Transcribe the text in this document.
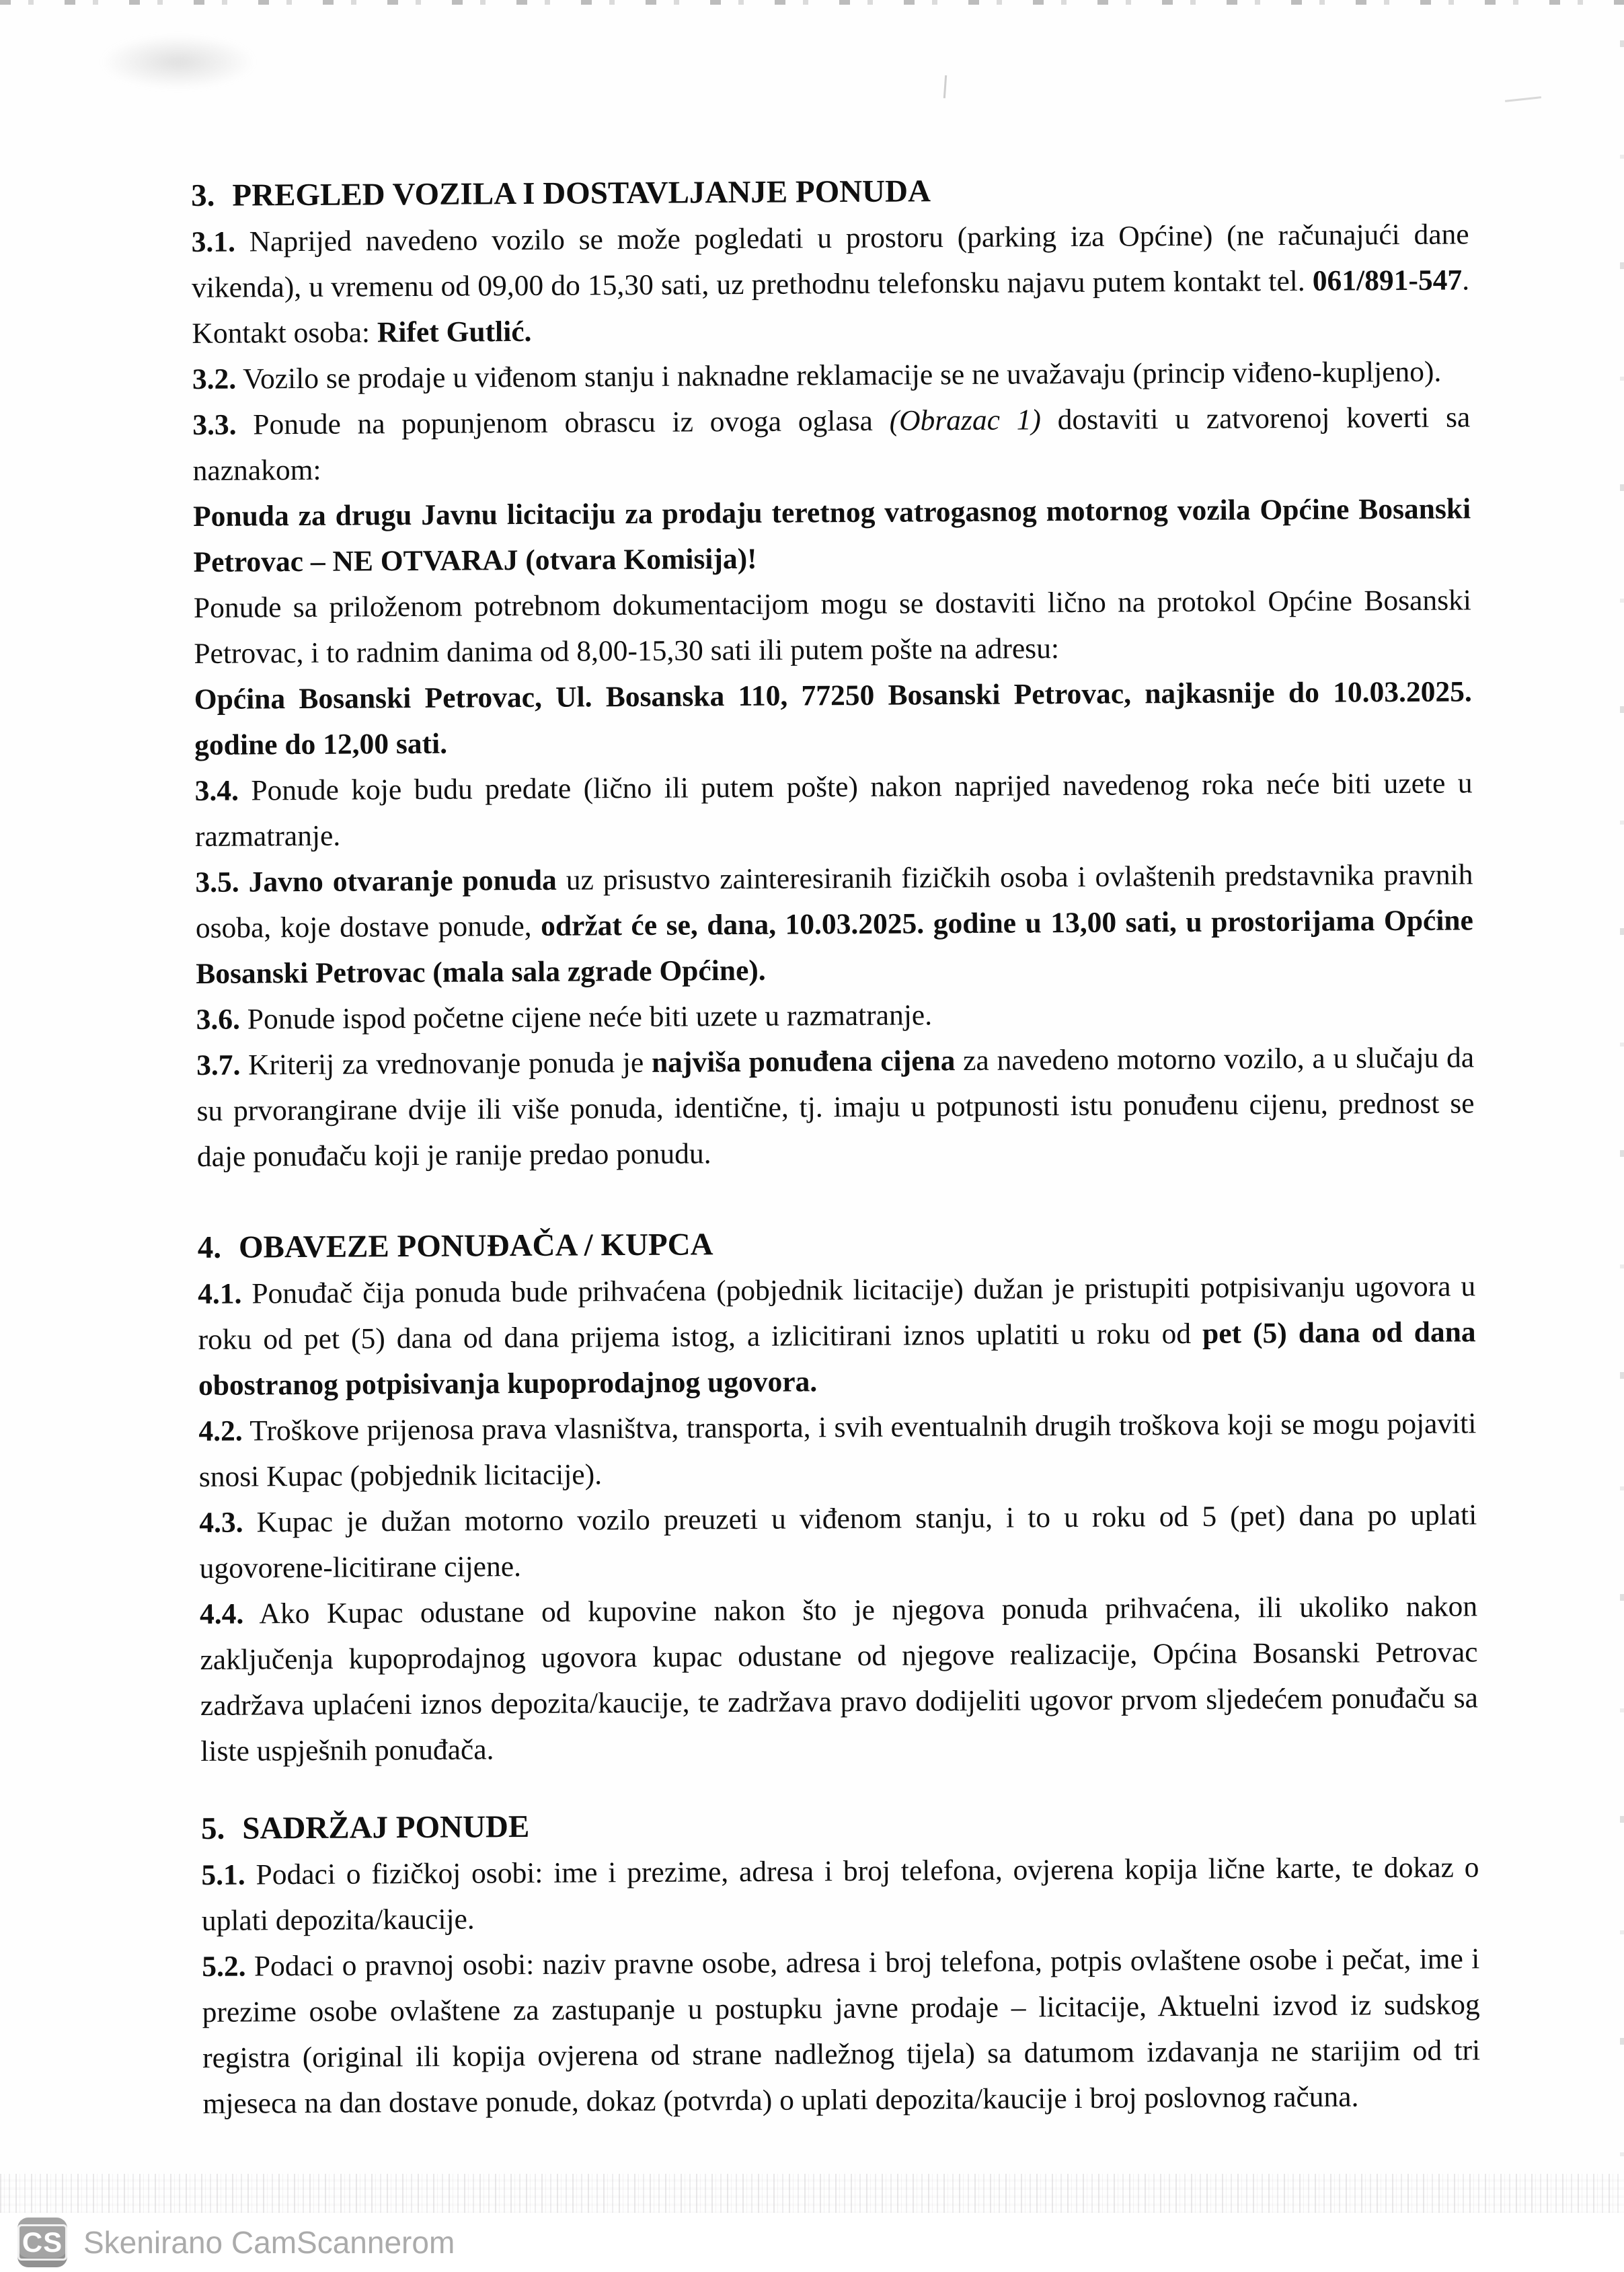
3. PREGLED VOZILA I DOSTAVLJANJE PONUDA

3.1. Naprijed navedeno vozilo se može pogledati u prostoru (parking iza Općine) (ne računajući dane vikenda), u vremenu od 09,00 do 15,30 sati, uz prethodnu telefonsku najavu putem kontakt tel. 061/891-547. Kontakt osoba: Rifet Gutlić.

3.2. Vozilo se prodaje u viđenom stanju i naknadne reklamacije se ne uvažavaju (princip viđeno-kupljeno).

3.3. Ponude na popunjenom obrascu iz ovoga oglasa (Obrazac 1) dostaviti u zatvorenoj koverti sa naznakom:

Ponuda za drugu Javnu licitaciju za prodaju teretnog vatrogasnog motornog vozila Općine Bosanski Petrovac – NE OTVARAJ (otvara Komisija)!

Ponude sa priloženom potrebnom dokumentacijom mogu se dostaviti lično na protokol Općine Bosanski Petrovac, i to radnim danima od 8,00-15,30 sati ili putem pošte na adresu:

Općina Bosanski Petrovac, Ul. Bosanska 110, 77250 Bosanski Petrovac, najkasnije do 10.03.2025. godine do 12,00 sati.

3.4. Ponude koje budu predate (lično ili putem pošte) nakon naprijed navedenog roka neće biti uzete u razmatranje.

3.5. Javno otvaranje ponuda uz prisustvo zainteresiranih fizičkih osoba i ovlaštenih predstavnika pravnih osoba, koje dostave ponude, održat će se, dana, 10.03.2025. godine u 13,00 sati, u prostorijama Općine Bosanski Petrovac (mala sala zgrade Općine).

3.6. Ponude ispod početne cijene neće biti uzete u razmatranje.

3.7. Kriterij za vrednovanje ponuda je najviša ponuđena cijena za navedeno motorno vozilo, a u slučaju da su prvorangirane dvije ili više ponuda, identične, tj. imaju u potpunosti istu ponuđenu cijenu, prednost se daje ponuđaču koji je ranije predao ponudu.

4. OBAVEZE PONUĐAČA / KUPCA

4.1. Ponuđač čija ponuda bude prihvaćena (pobjednik licitacije) dužan je pristupiti potpisivanju ugovora u roku od pet (5) dana od dana prijema istog, a izlicitirani iznos uplatiti u roku od pet (5) dana od dana obostranog potpisivanja kupoprodajnog ugovora.

4.2. Troškove prijenosa prava vlasništva, transporta, i svih eventualnih drugih troškova koji se mogu pojaviti snosi Kupac (pobjednik licitacije).

4.3. Kupac je dužan motorno vozilo preuzeti u viđenom stanju, i to u roku od 5 (pet) dana po uplati ugovorene-licitirane cijene.

4.4. Ako Kupac odustane od kupovine nakon što je njegova ponuda prihvaćena, ili ukoliko nakon zaključenja kupoprodajnog ugovora kupac odustane od njegove realizacije, Općina Bosanski Petrovac zadržava uplaćeni iznos depozita/kaucije, te zadržava pravo dodijeliti ugovor prvom sljedećem ponuđaču sa liste uspješnih ponuđača.

5. SADRŽAJ PONUDE

5.1. Podaci o fizičkoj osobi: ime i prezime, adresa i broj telefona, ovjerena kopija lične karte, te dokaz o uplati depozita/kaucije.

5.2. Podaci o pravnoj osobi: naziv pravne osobe, adresa i broj telefona, potpis ovlaštene osobe i pečat, ime i prezime osobe ovlaštene za zastupanje u postupku javne prodaje – licitacije, Aktuelni izvod iz sudskog registra (original ili kopija ovjerena od strane nadležnog tijela) sa datumom izdavanja ne starijim od tri mjeseca na dan dostave ponude, dokaz (potvrda) o uplati depozita/kaucije i broj poslovnog računa.

CS Skenirano CamScannerom
